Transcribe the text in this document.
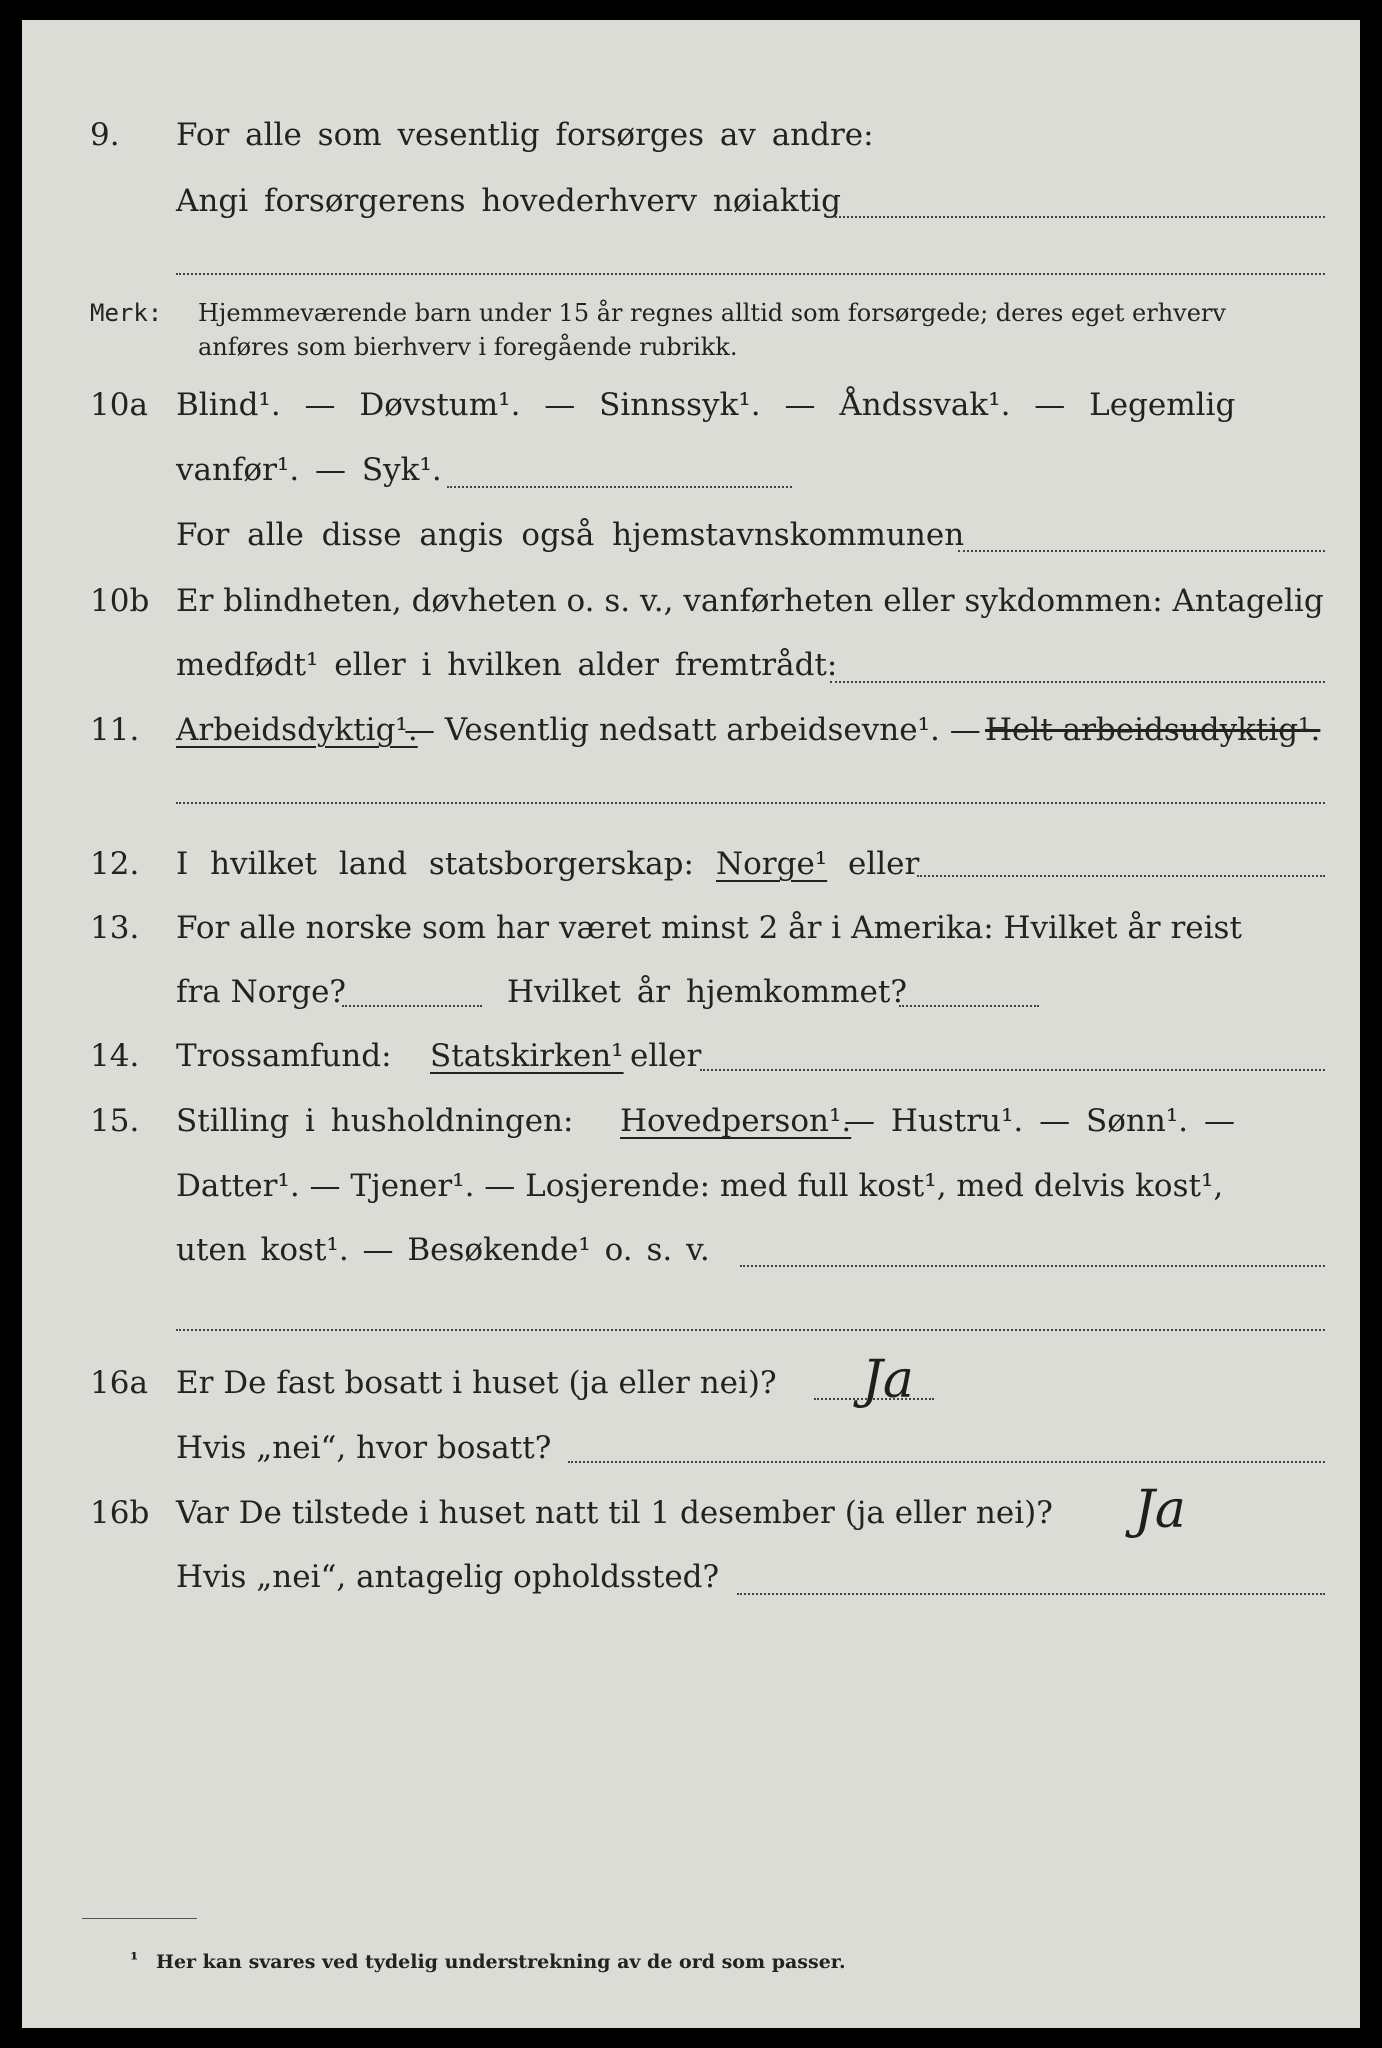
9. For alle som vesentlig forsørges av andre:
Angi forsørgerens hovederhverv nøiaktig
Merk: Hjemmeværende barn under 15 år regnes alltid som forsørgede; deres eget erhverv
anføres som bierhverv i foregående rubrikk.
10a Blind¹. — Døvstum¹. — Sinnssyk¹. — Åndssvak¹. — Legemlig
vanfør¹. — Syk¹.
For alle disse angis også hjemstavnskommunen
10b Er blindheten, døvheten o. s. v., vanførheten eller sykdommen: Antagelig
medfødt¹ eller i hvilken alder fremtrådt:
11. Arbeidsdyktig¹.
— Vesentlig nedsatt arbeidsevne¹. — Helt arbeidsudyktig¹.
12. I hvilket land statsborgerskap: Norge¹ eller
13. For alle norske som har været minst 2 år i Amerika: Hvilket år reist
fra Norge?	Hvilket år hjemkommet?
14. Trossamfund: Statskirken¹ eller
15. Stilling i husholdningen: Hovedperson¹.
— Hustru¹. — Sønn¹. —
Datter¹. — Tjener¹. — Losjerende: med full kost¹, med delvis kost¹,
uten kost¹. — Besøkende¹ o. s. v.
16a Er De fast bosatt i huset (ja eller nei)? Ja
Hvis „nei“, hvor bosatt?
16b Var De tilstede i huset natt til 1 desember (ja eller nei)? Ja
Hvis „nei“, antagelig opholdssted?
¹ Her kan svares ved tydelig understrekning av de ord som passer.
